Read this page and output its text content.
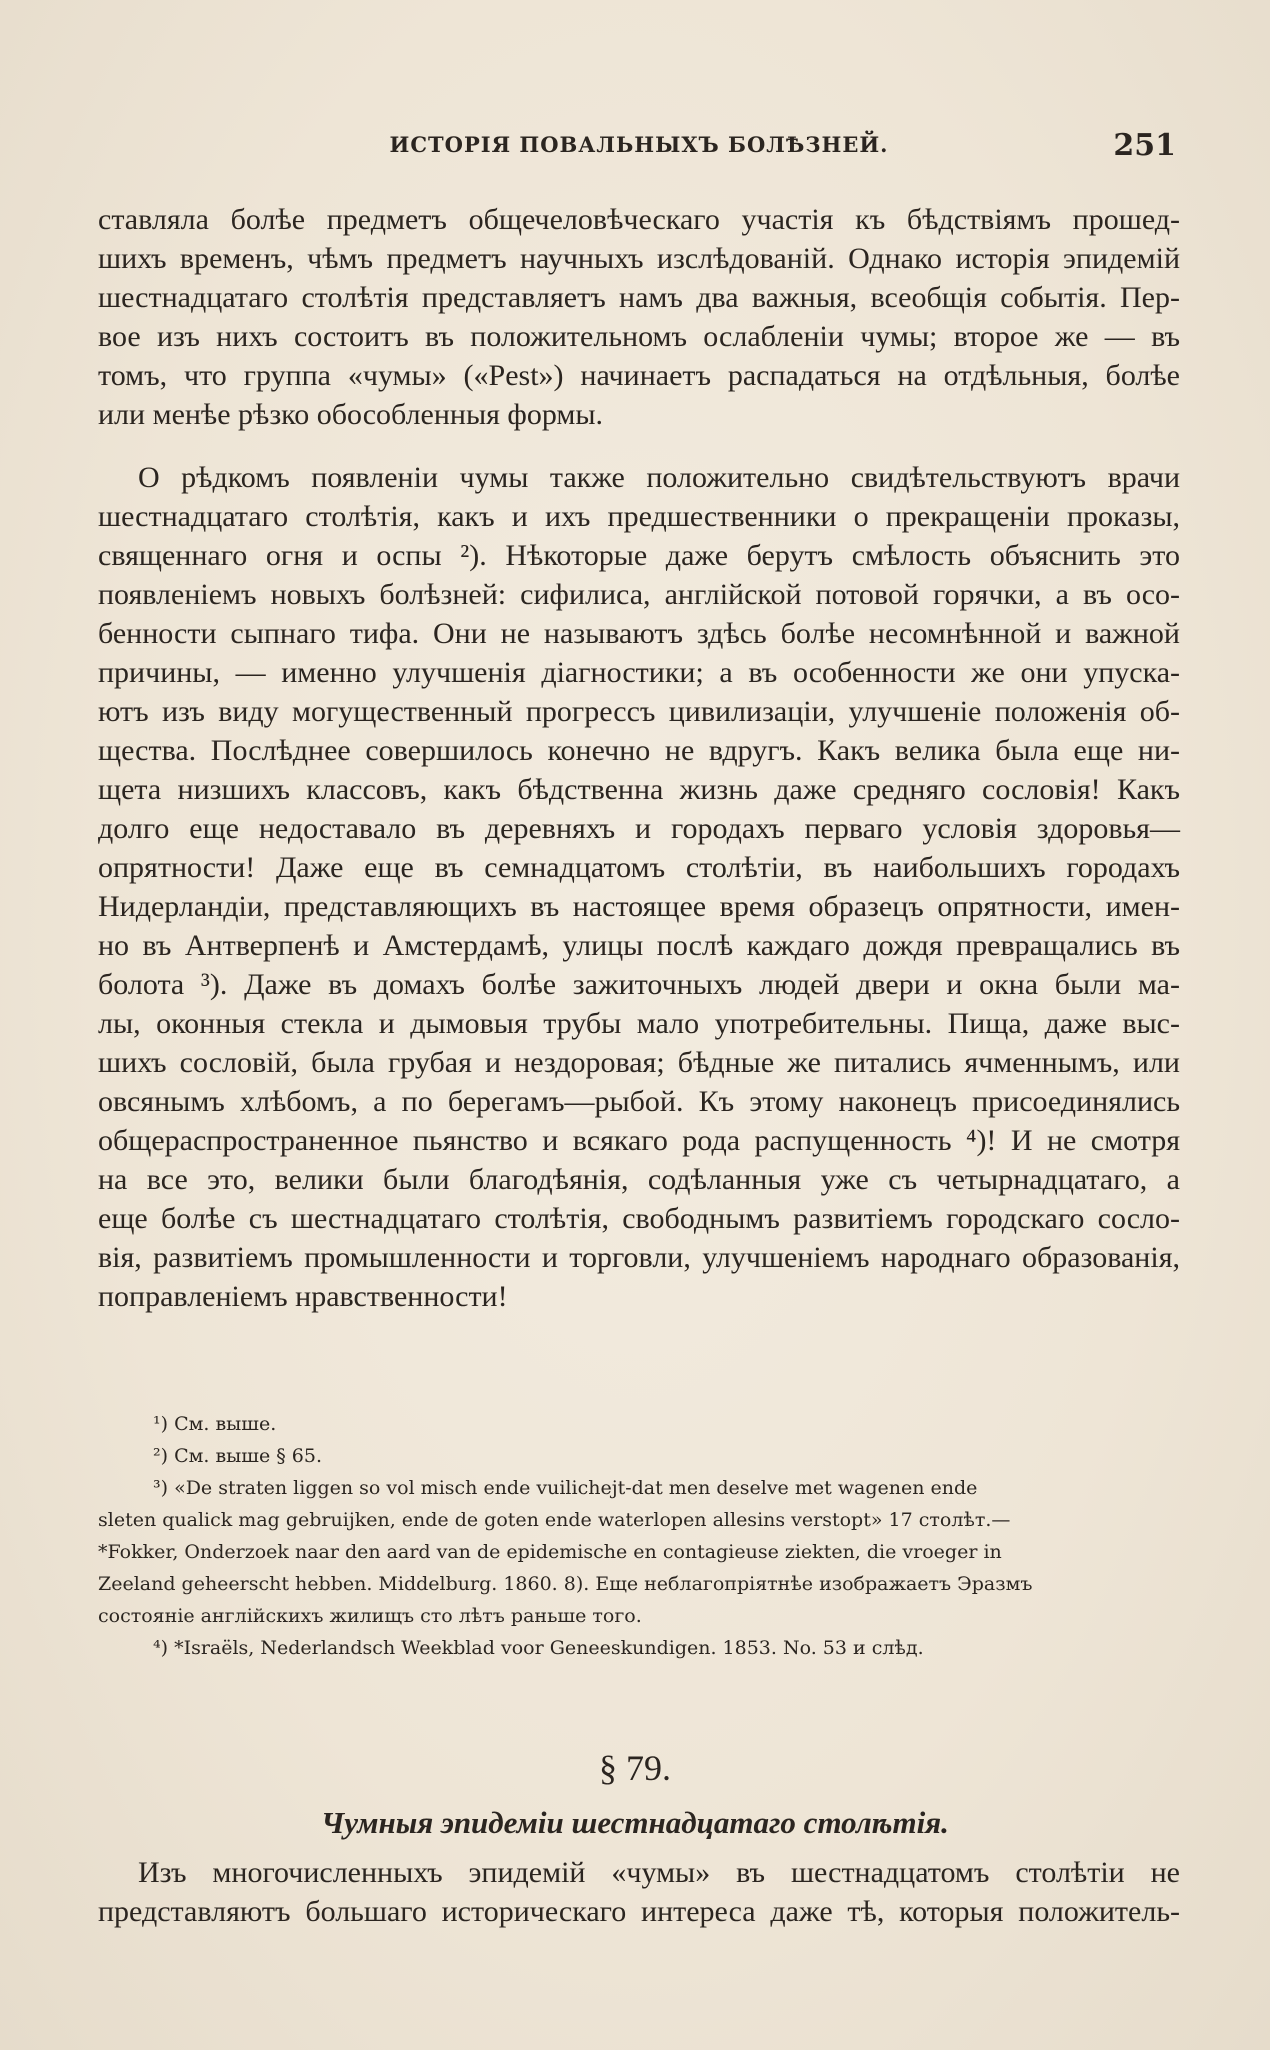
ИСТОРІЯ ПОВАЛЬНЫХЪ БОЛѢЗНЕЙ.	251
ставляла болѣе предметъ общечеловѣческаго участія къ бѣдствіямъ прошед-
шихъ временъ, чѣмъ предметъ научныхъ изслѣдованій. Однако исторія эпидемій
шестнадцатаго столѣтія представляетъ намъ два важныя, всеобщія событія. Пер-
вое изъ нихъ состоитъ въ положительномъ ослабленіи чумы; второе же — въ
томъ, что группа «чумы» («Pest») начинаетъ распадаться на отдѣльныя, болѣе
или менѣе рѣзко обособленныя формы.
О рѣдкомъ появленіи чумы также положительно свидѣтельствуютъ врачи
шестнадцатаго столѣтія, какъ и ихъ предшественники о прекращеніи проказы,
священнаго огня и оспы ²). Нѣкоторые даже берутъ смѣлость объяснить это
появленіемъ новыхъ болѣзней: сифилиса, англійской потовой горячки, а въ осо-
бенности сыпнаго тифа. Они не называютъ здѣсь болѣе несомнѣнной и важной
причины, — именно улучшенія діагностики; а въ особенности же они упуска-
ютъ изъ виду могущественный прогрессъ цивилизаціи, улучшеніе положенія об-
щества. Послѣднее совершилось конечно не вдругъ. Какъ велика была еще ни-
щета низшихъ классовъ, какъ бѣдственна жизнь даже средняго сословія! Какъ
долго еще недоставало въ деревняхъ и городахъ перваго условія здоровья—
опрятности! Даже еще въ семнадцатомъ столѣтіи, въ наибольшихъ городахъ
Нидерландіи, представляющихъ въ настоящее время образецъ опрятности, имен-
но въ Антверпенѣ и Амстердамѣ, улицы послѣ каждаго дождя превращались въ
болота ³). Даже въ домахъ болѣе зажиточныхъ людей двери и окна были ма-
лы, оконныя стекла и дымовыя трубы мало употребительны. Пища, даже выс-
шихъ сословій, была грубая и нездоровая; бѣдные же питались ячменнымъ, или
овсянымъ хлѣбомъ, а по берегамъ—рыбой. Къ этому наконецъ присоединялись
общераспространенное пьянство и всякаго рода распущенность ⁴)! И не смотря
на все это, велики были благодѣянія, содѣланныя уже съ четырнадцатаго, а
еще болѣе съ шестнадцатаго столѣтія, свободнымъ развитіемъ городскаго сосло-
вія, развитіемъ промышленности и торговли, улучшеніемъ народнаго образованія,
поправленіемъ нравственности!
¹) См. выше.
²) См. выше § 65.
³) «De straten liggen so vol misch ende vuilichejt-dat men deselve met wagenen ende
sleten qualick mag gebruijken, ende de goten ende waterlopen allesins verstopt» 17 столѣт.—
*Fokker, Onderzoek naar den aard van de epidemische en contagieuse ziekten, die vroeger in
Zeeland geheerscht hebben. Middelburg. 1860. 8). Еще неблагопріятнѣе изображаетъ Эразмъ
состояніе англійскихъ жилищъ сто лѣтъ раньше того.
⁴) *Israëls, Nederlandsch Weekblad voor Geneeskundigen. 1853. No. 53 и слѣд.
§ 79.
Чумныя эпидеміи шестнадцатаго столѣтія.
Изъ многочисленныхъ эпидемій «чумы» въ шестнадцатомъ столѣтіи не
представляютъ большаго историческаго интереса даже тѣ, которыя положитель-
